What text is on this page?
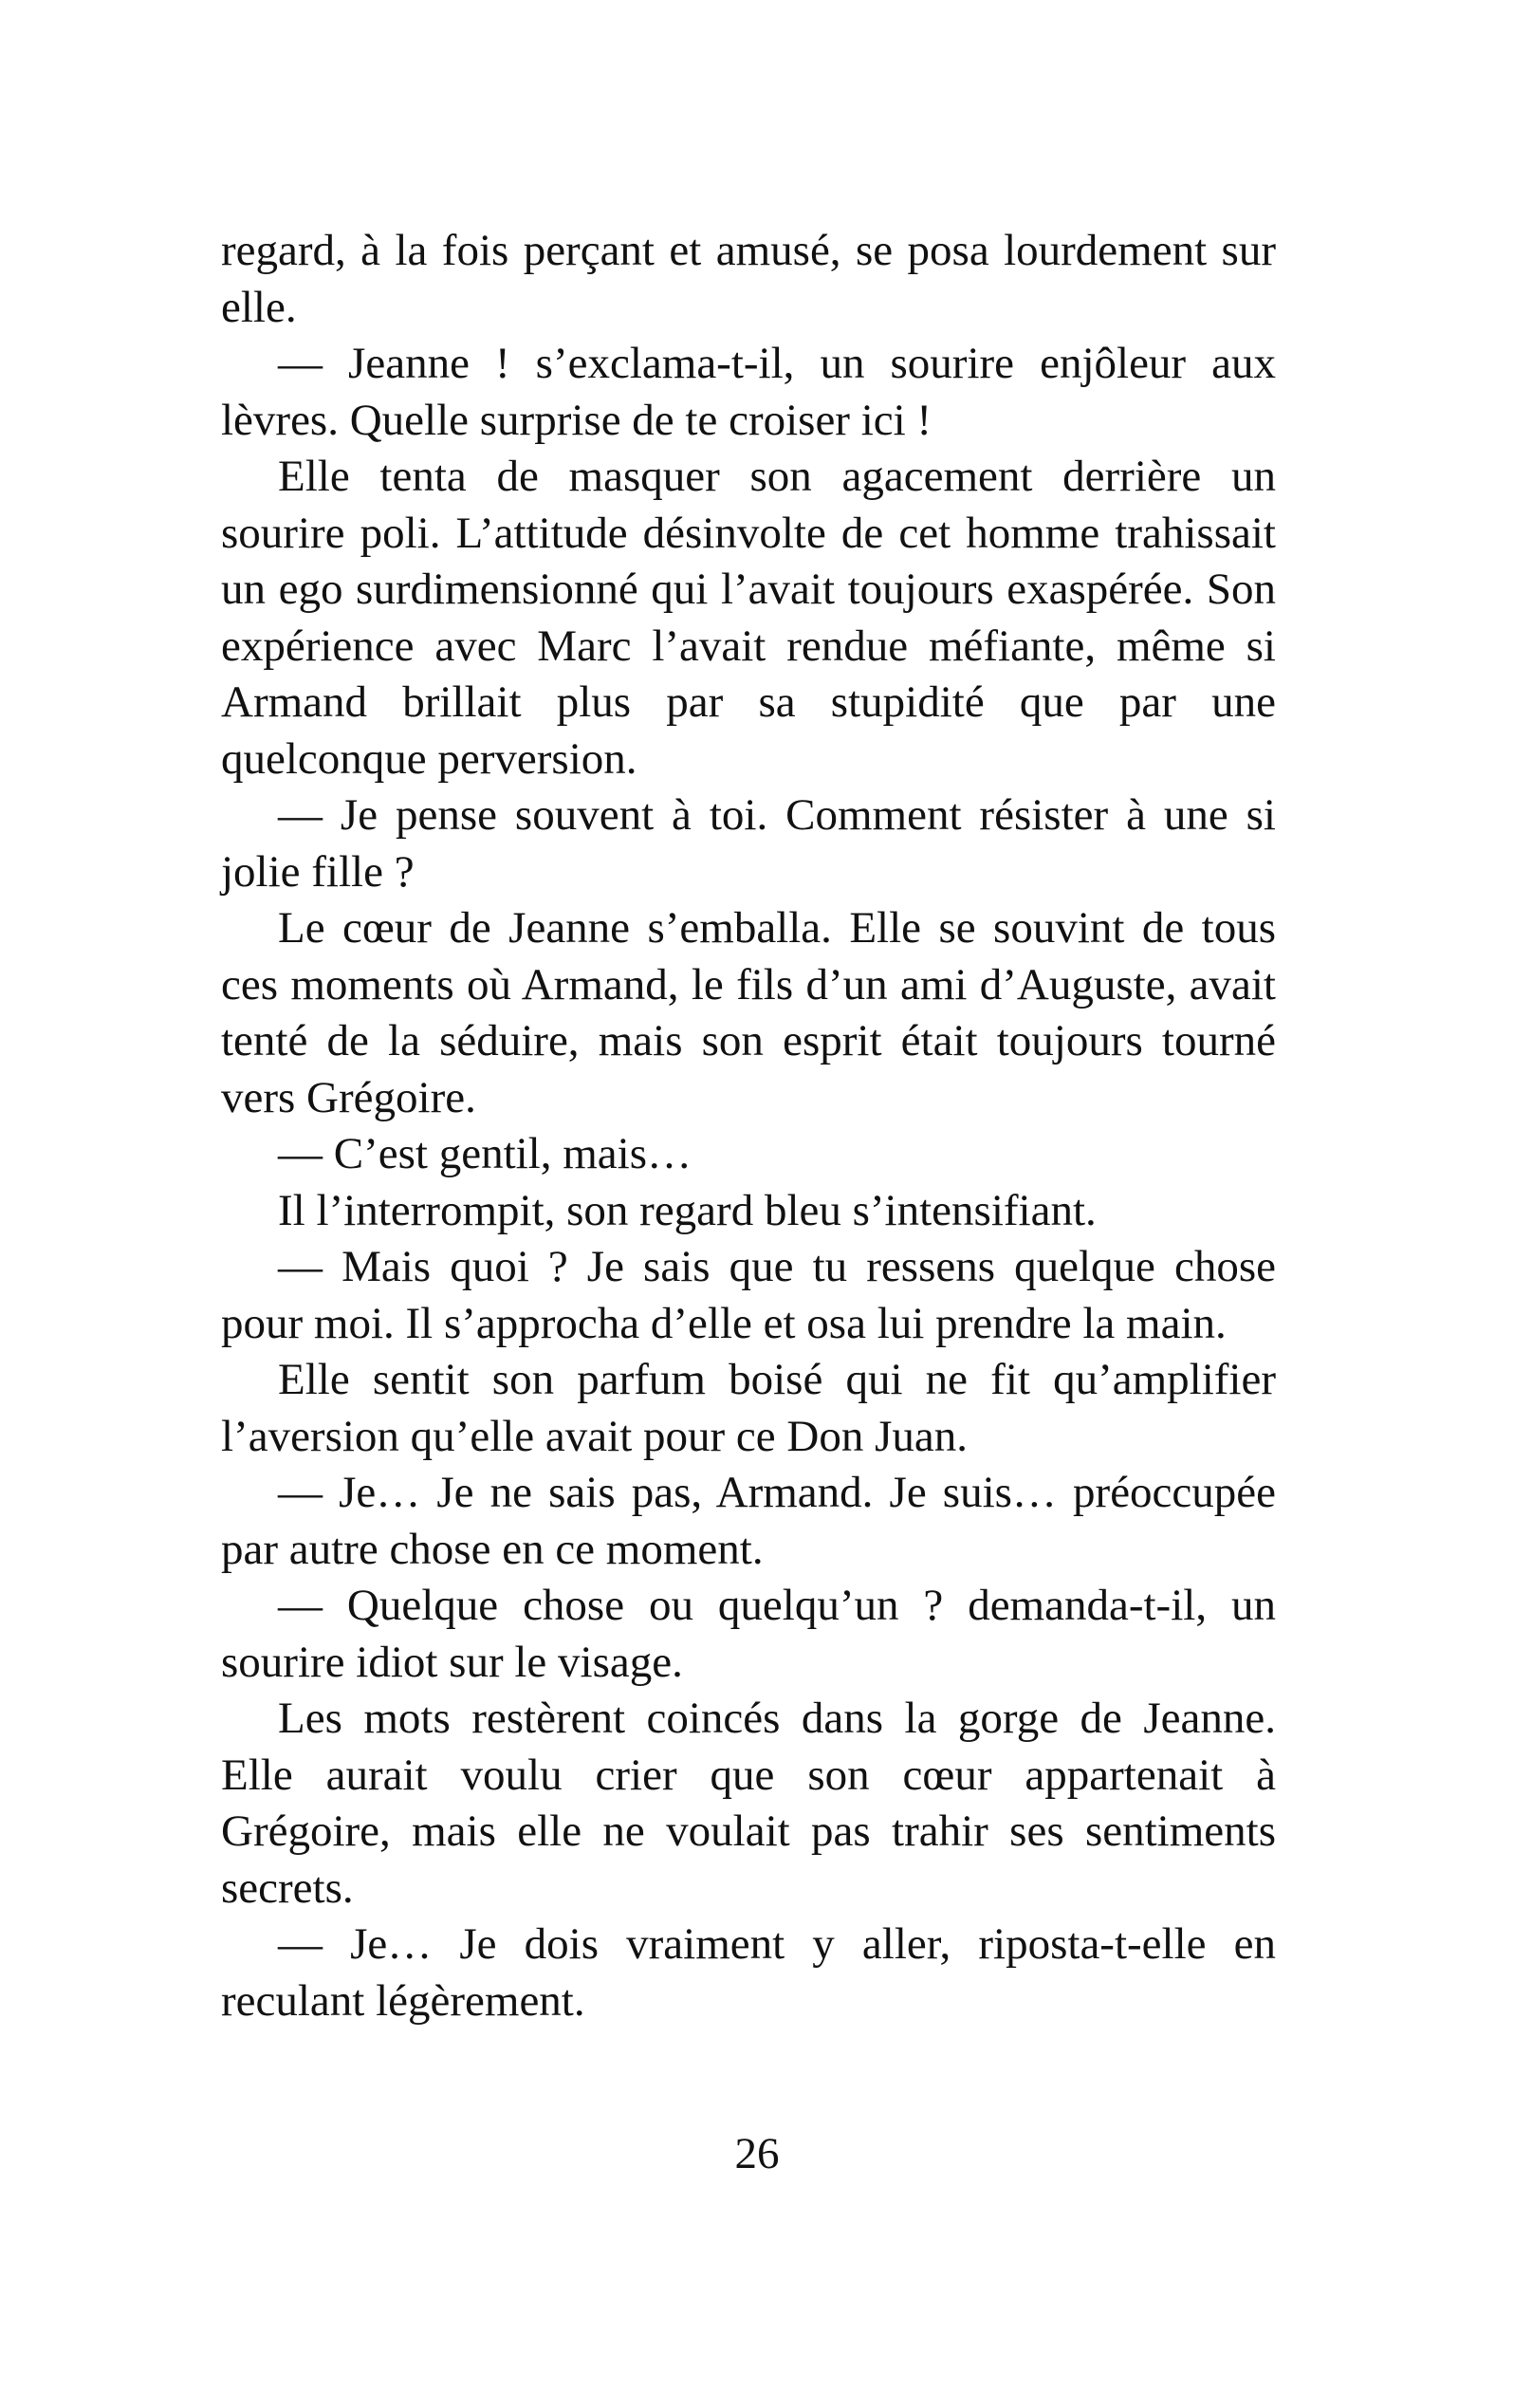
regard, à la fois perçant et amusé, se posa lourdement sur elle.

— Jeanne ! s’exclama-t-il, un sourire enjôleur aux lèvres. Quelle surprise de te croiser ici !

Elle tenta de masquer son agacement derrière un sourire poli. L’attitude désinvolte de cet homme trahissait un ego surdimensionné qui l’avait toujours exaspérée. Son expérience avec Marc l’avait rendue méfiante, même si Armand brillait plus par sa stupidité que par une quelconque perversion.

— Je pense souvent à toi. Comment résister à une si jolie fille ?

Le cœur de Jeanne s’emballa. Elle se souvint de tous ces moments où Armand, le fils d’un ami d’Auguste, avait tenté de la séduire, mais son esprit était toujours tourné vers Grégoire.

— C’est gentil, mais…

Il l’interrompit, son regard bleu s’intensifiant.

— Mais quoi ? Je sais que tu ressens quelque chose pour moi. Il s’approcha d’elle et osa lui prendre la main.

Elle sentit son parfum boisé qui ne fit qu’amplifier l’aversion qu’elle avait pour ce Don Juan.

— Je… Je ne sais pas, Armand. Je suis… préoccupée par autre chose en ce moment.

— Quelque chose ou quelqu’un ? demanda-t-il, un sourire idiot sur le visage.

Les mots restèrent coincés dans la gorge de Jeanne. Elle aurait voulu crier que son cœur appartenait à Grégoire, mais elle ne voulait pas trahir ses sentiments secrets.

— Je… Je dois vraiment y aller, riposta-t-elle en reculant légèrement.

26
